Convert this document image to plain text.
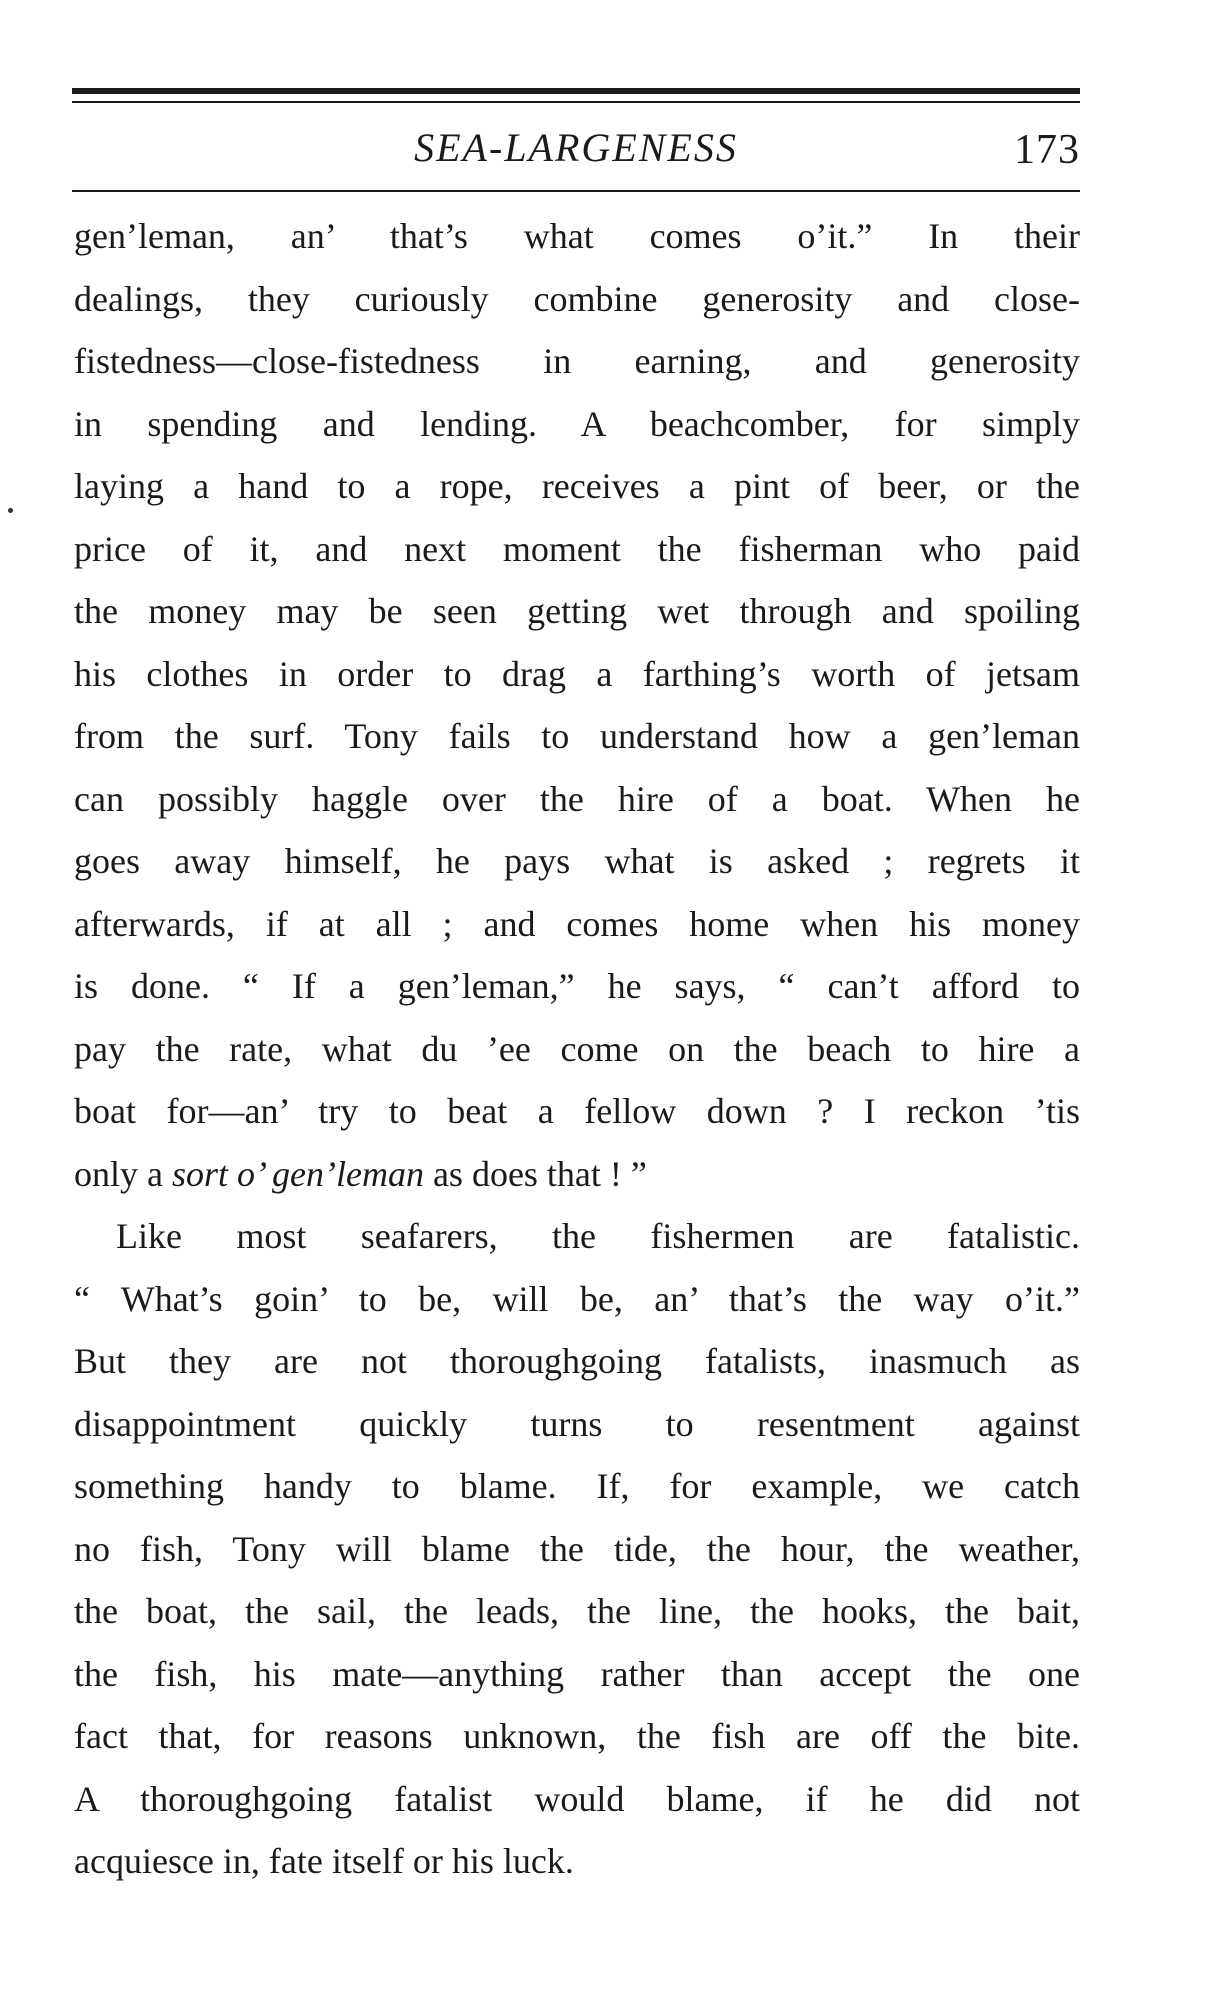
SEA-LARGENESS	173
gen’leman, an’ that’s what comes o’it.” In their
dealings, they curiously combine generosity and close-
fistedness—close-fistedness in earning, and generosity
in spending and lending. A beachcomber, for simply
laying a hand to a rope, receives a pint of beer, or the
price of it, and next moment the fisherman who paid
the money may be seen getting wet through and spoiling
his clothes in order to drag a farthing’s worth of jetsam
from the surf. Tony fails to understand how a gen’leman
can possibly haggle over the hire of a boat. When he
goes away himself, he pays what is asked ; regrets it
afterwards, if at all ; and comes home when his money
is done. “ If a gen’leman,” he says, “ can’t afford to
pay the rate, what du ’ee come on the beach to hire a
boat for—an’ try to beat a fellow down ? I reckon ’tis
only a sort o’ gen’leman as does that ! ”
Like most seafarers, the fishermen are fatalistic.
“ What’s goin’ to be, will be, an’ that’s the way o’it.”
But they are not thoroughgoing fatalists, inasmuch as
disappointment quickly turns to resentment against
something handy to blame. If, for example, we catch
no fish, Tony will blame the tide, the hour, the weather,
the boat, the sail, the leads, the line, the hooks, the bait,
the fish, his mate—anything rather than accept the one
fact that, for reasons unknown, the fish are off the bite.
A thoroughgoing fatalist would blame, if he did not
acquiesce in, fate itself or his luck.
